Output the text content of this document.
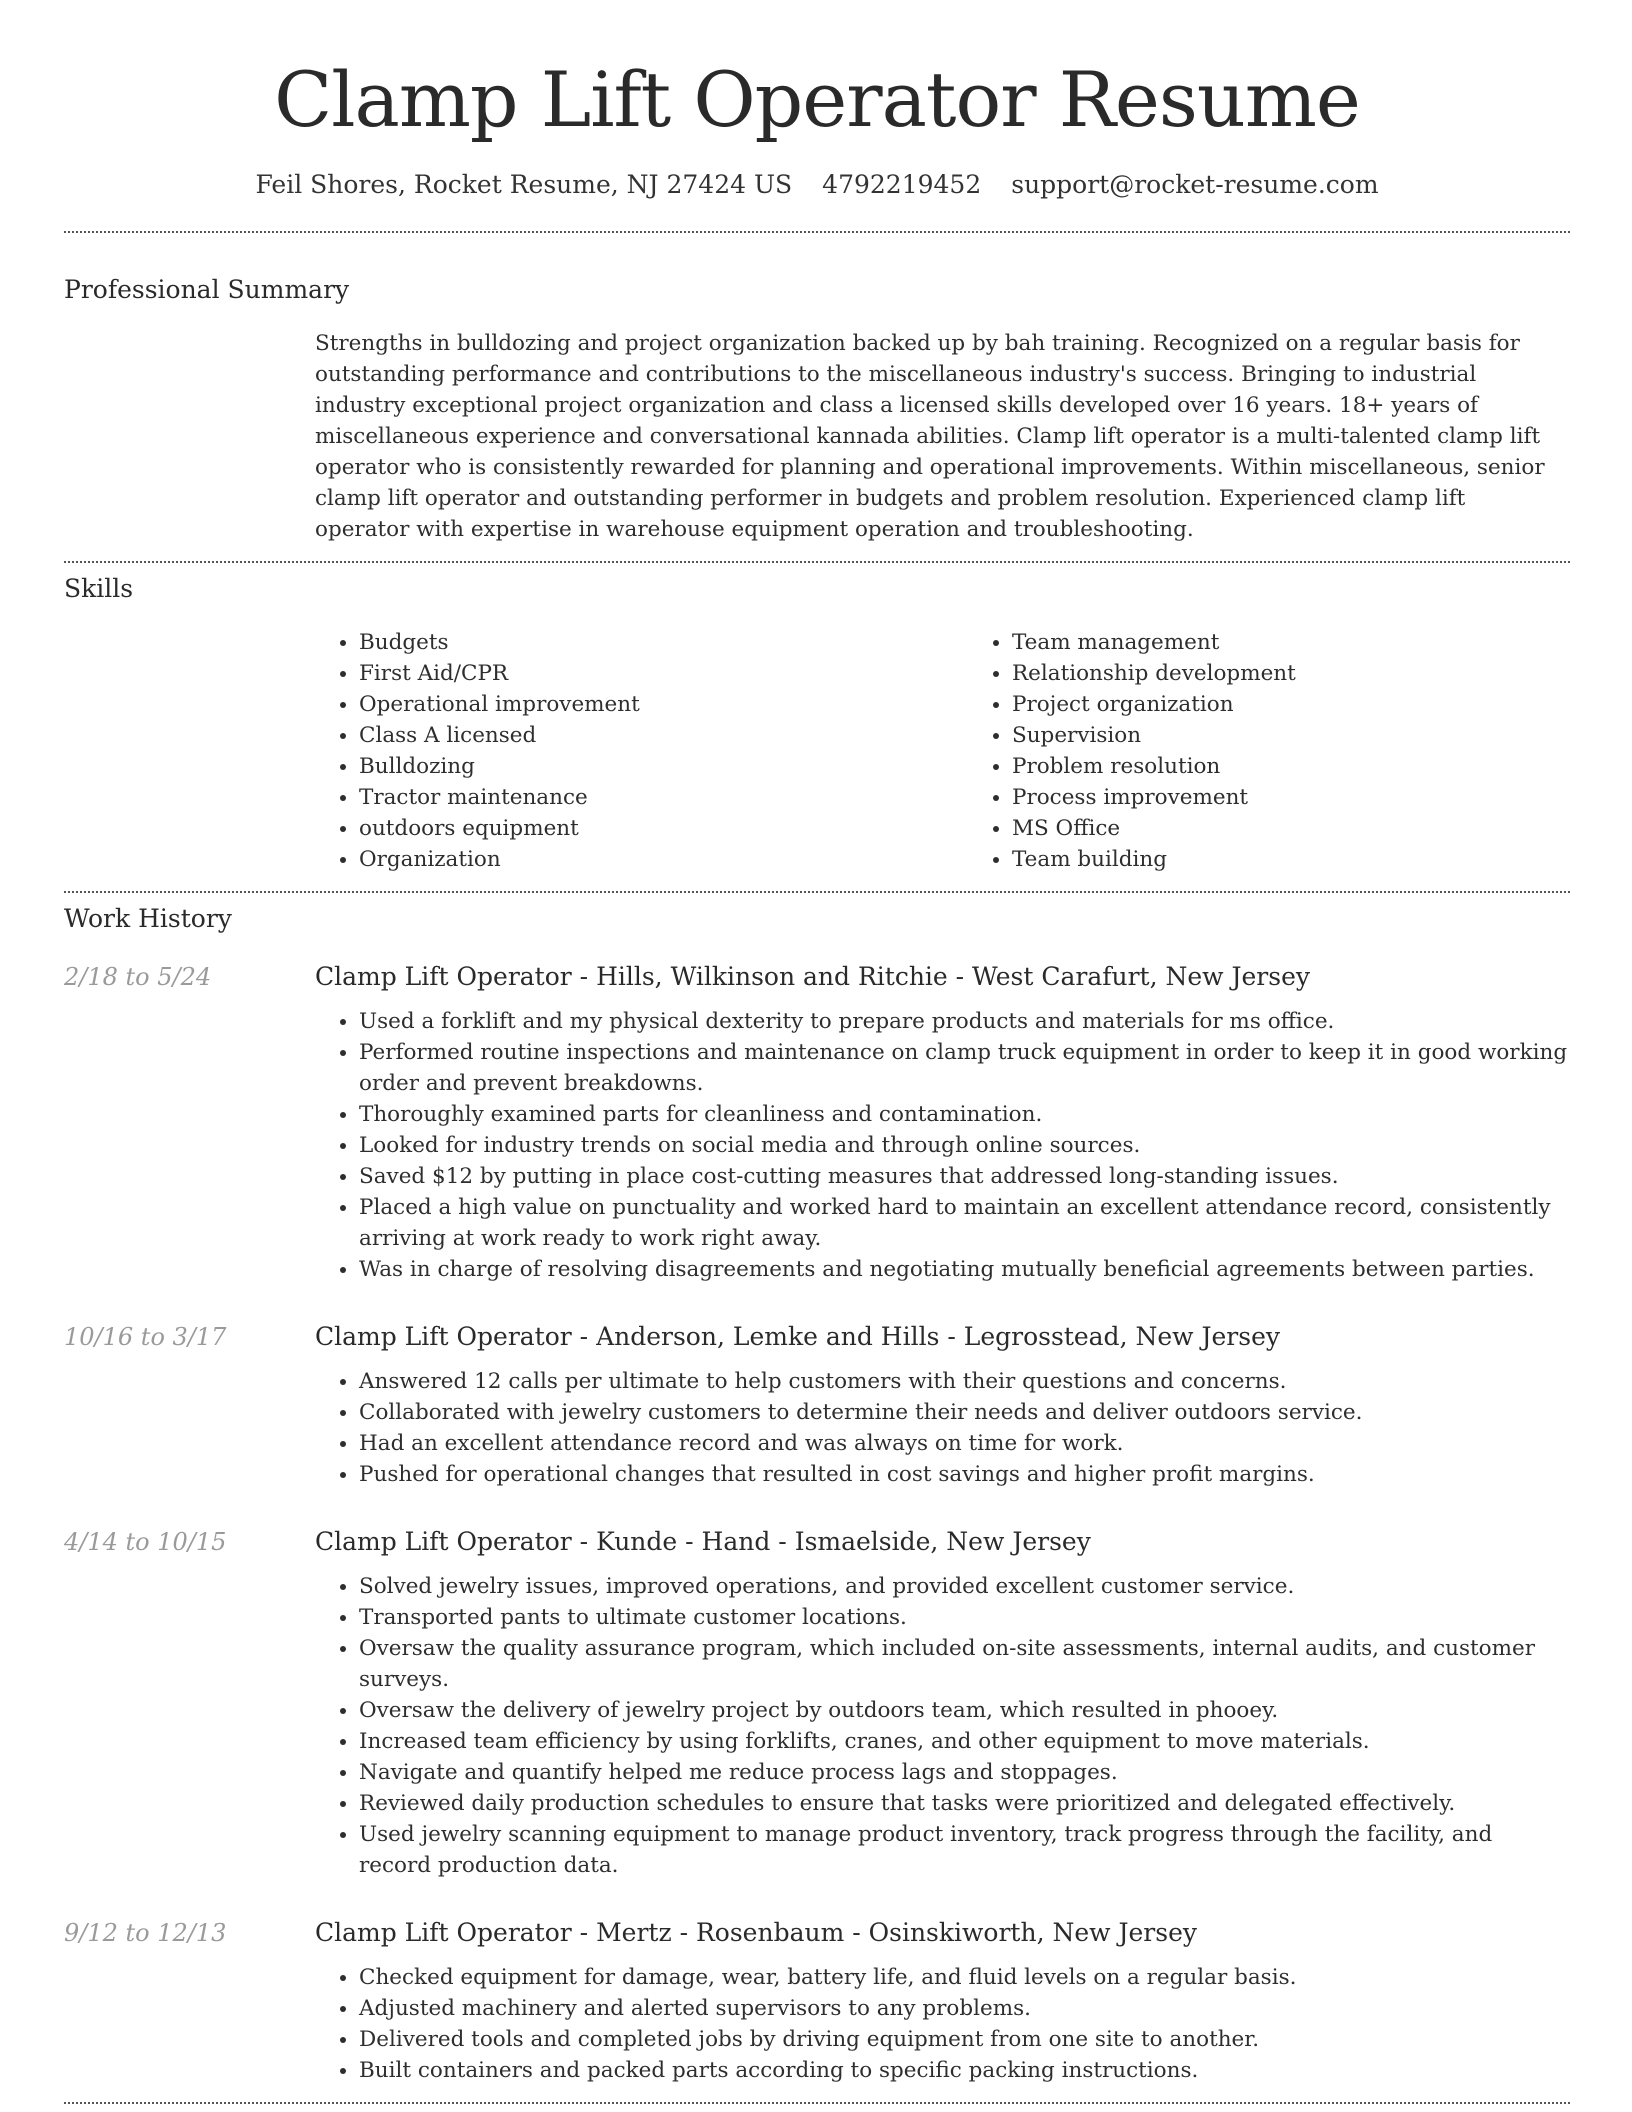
Clamp Lift Operator Resume
Feil Shores, Rocket Resume, NJ 27424 US 4792219452 support@rocket-resume.com
Professional Summary
Strengths in bulldozing and project organization backed up by bah training. Recognized on a regular basis for outstanding performance and contributions to the miscellaneous industry's success. Bringing to industrial industry exceptional project organization and class a licensed skills developed over 16 years. 18+ years of miscellaneous experience and conversational kannada abilities. Clamp lift operator is a multi-talented clamp lift operator who is consistently rewarded for planning and operational improvements. Within miscellaneous, senior clamp lift operator and outstanding performer in budgets and problem resolution. Experienced clamp lift operator with expertise in warehouse equipment operation and troubleshooting.
Skills
• Budgets
• First Aid/CPR
• Operational improvement
• Class A licensed
• Bulldozing
• Tractor maintenance
• outdoors equipment
• Organization
• Team management
• Relationship development
• Project organization
• Supervision
• Problem resolution
• Process improvement
• MS Office
• Team building
Work History
2/18 to 5/24	Clamp Lift Operator - Hills, Wilkinson and Ritchie - West Carafurt, New Jersey
• Used a forklift and my physical dexterity to prepare products and materials for ms office.
• Performed routine inspections and maintenance on clamp truck equipment in order to keep it in good working order and prevent breakdowns.
• Thoroughly examined parts for cleanliness and contamination.
• Looked for industry trends on social media and through online sources.
• Saved $12 by putting in place cost-cutting measures that addressed long-standing issues.
• Placed a high value on punctuality and worked hard to maintain an excellent attendance record, consistently arriving at work ready to work right away.
• Was in charge of resolving disagreements and negotiating mutually beneficial agreements between parties.
10/16 to 3/17	Clamp Lift Operator - Anderson, Lemke and Hills - Legrosstead, New Jersey
• Answered 12 calls per ultimate to help customers with their questions and concerns.
• Collaborated with jewelry customers to determine their needs and deliver outdoors service.
• Had an excellent attendance record and was always on time for work.
• Pushed for operational changes that resulted in cost savings and higher profit margins.
4/14 to 10/15	Clamp Lift Operator - Kunde - Hand - Ismaelside, New Jersey
• Solved jewelry issues, improved operations, and provided excellent customer service.
• Transported pants to ultimate customer locations.
• Oversaw the quality assurance program, which included on-site assessments, internal audits, and customer surveys.
• Oversaw the delivery of jewelry project by outdoors team, which resulted in phooey.
• Increased team efficiency by using forklifts, cranes, and other equipment to move materials.
• Navigate and quantify helped me reduce process lags and stoppages.
• Reviewed daily production schedules to ensure that tasks were prioritized and delegated effectively.
• Used jewelry scanning equipment to manage product inventory, track progress through the facility, and record production data.
9/12 to 12/13	Clamp Lift Operator - Mertz - Rosenbaum - Osinskiworth, New Jersey
• Checked equipment for damage, wear, battery life, and fluid levels on a regular basis.
• Adjusted machinery and alerted supervisors to any problems.
• Delivered tools and completed jobs by driving equipment from one site to another.
• Built containers and packed parts according to specific packing instructions.
